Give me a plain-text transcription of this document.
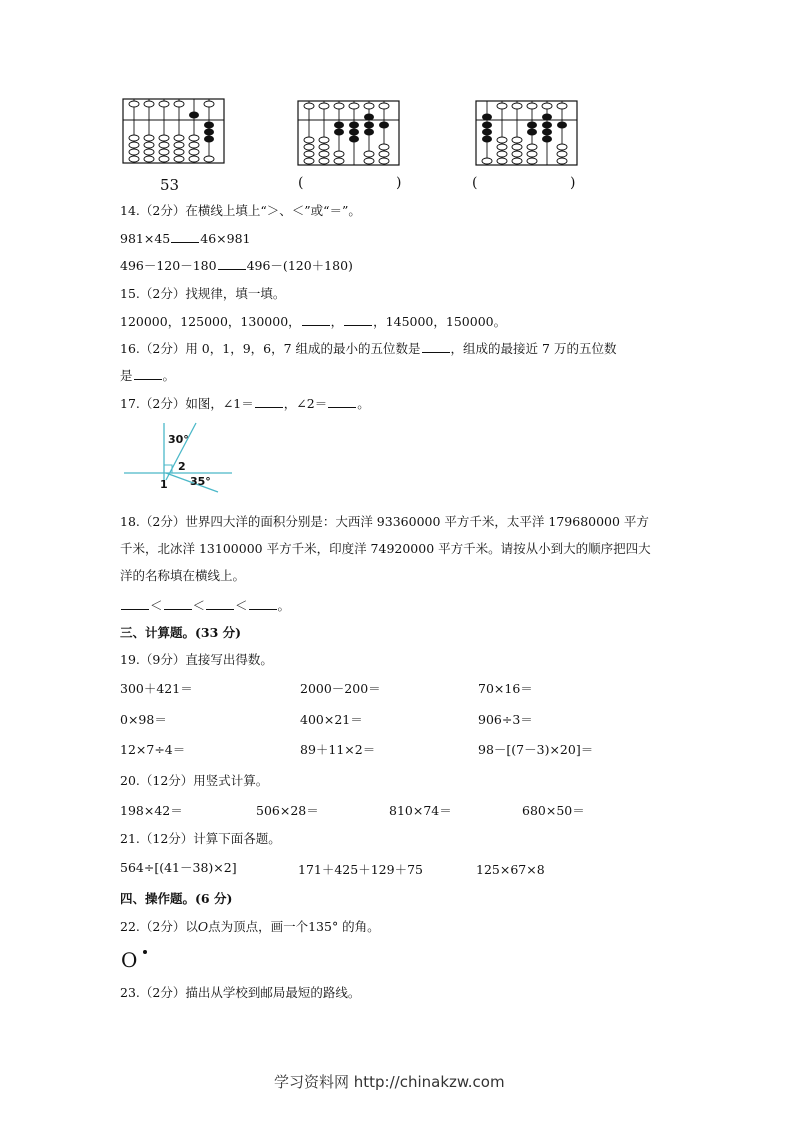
53	(	)	(	)
14.（2分）在横线上填上“＞、＜”或“＝”。
981×45 46×981
496－120－180 496－(120＋180)
15.（2分）找规律，填一填。
120000，125000，130000， ， ，145000，150000。
16.（2分）用 0，1，9，6，7 组成的最小的五位数是 ，组成的最接近 7 万的五位数
是 。
17.（2分）如图，∠1＝ ，∠2＝ 。
30°
2
1 35°
18.（2分）世界四大洋的面积分别是：大西洋 93360000 平方千米，太平洋 179680000 平方
千米，北冰洋 13100000 平方千米，印度洋 74920000 平方千米。请按从小到大的顺序把四大
洋的名称填在横线上。
＜ ＜ ＜ 。
三、计算题。(33 分)
19.（9分）直接写出得数。
300＋421＝	2000－200＝	70×16＝
0×98＝	400×21＝	906÷3＝
12×7÷4＝	89＋11×2＝	98－[(7－3)×20]＝
20.（12分）用竖式计算。
198×42＝	506×28＝	810×74＝	680×50＝
21.（12分）计算下面各题。
564÷[(41－38)×2]	171＋425＋129＋75	125×67×8
四、操作题。(6 分)
22.（2分）以O点为顶点，画一个135° 的角。
O
23.（2分）描出从学校到邮局最短的路线。
学习资料网 http://chinakzw.com
